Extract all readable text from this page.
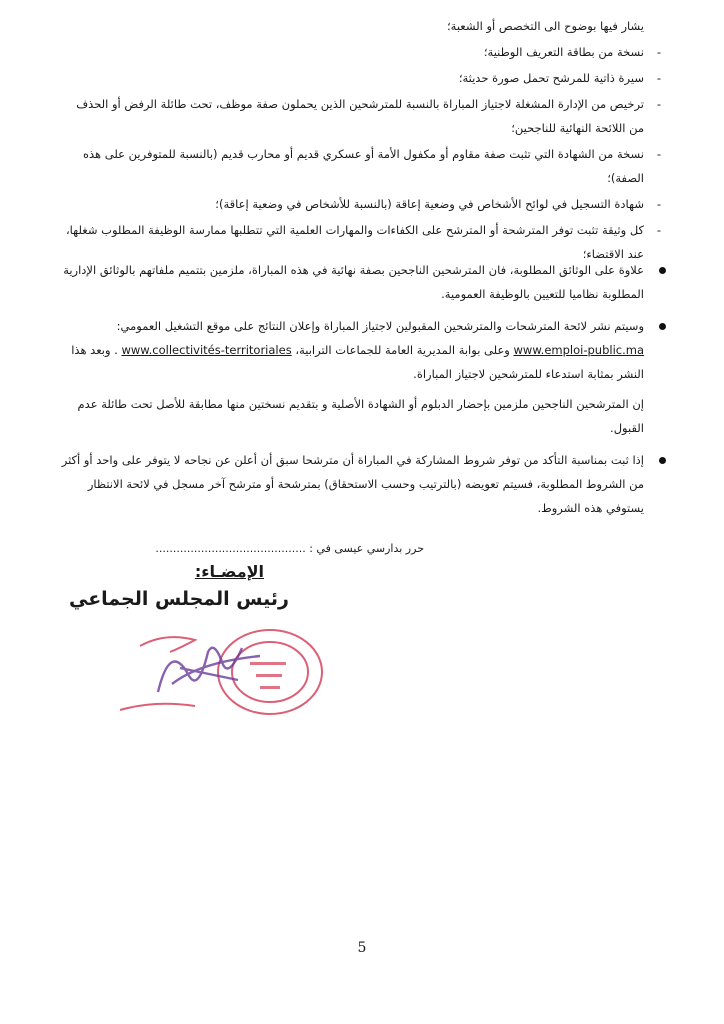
يشار فيها بوضوح الى التخصص أو الشعبة؛
-
نسخة من بطاقة التعريف الوطنية؛
-
سيرة ذاتية للمرشح تحمل صورة حديثة؛
-
ترخيص من الإدارة المشغلة لاجتياز المباراة بالنسبة للمترشحين الذين يحملون صفة موظف، تحت طائلة الرفض أو الحذف من اللائحة النهائية للناجحين؛
-
نسخة من الشهادة التي تثبت صفة مقاوم أو مكفول الأمة أو عسكري قديم أو محارب قديم (بالنسبة للمتوفرين على هذه الصفة)؛
-
شهادة التسجيل في لوائح الأشخاص في وضعية إعاقة (بالنسبة للأشخاص في وضعية إعاقة)؛
-
كل وثيقة تثبت توفر المترشحة أو المترشح على الكفاءات والمهارات العلمية التي تتطلبها ممارسة الوظيفة المطلوب شغلها، عند الاقتضاء؛

علاوة على الوثائق المطلوبة، فان المترشحين الناجحين بصفة نهائية في هذه المباراة، ملزمين بتتميم ملفاتهم بالوثائق الإدارية المطلوبة نظاميا للتعيين بالوظيفة العمومية.

وسيتم نشر لائحة المترشحات والمترشحين المقبولين لاجتياز المباراة وإعلان النتائج على موقع التشغيل العمومي: www.emploi-public.ma وعلى بوابة المديرية العامة للجماعات الترابية، www.collectivités-territoriales . وبعد هذا النشر بمثابة استدعاء للمترشحين لاجتياز المباراة.

إن المترشحين الناجحين ملزمين بإحضار الدبلوم أو الشهادة الأصلية و بتقديم نسختين منها مطابقة للأصل تحت طائلة عدم القبول.

إذا ثبت بمناسبة التأكد من توفر شروط المشاركة في المباراة أن مترشحا سبق أن أعلن عن نجاحه لا يتوفر على واحد أو أكثر من الشروط المطلوبة، فسيتم تعويضه (بالترتيب وحسب الاستحقاق) بمترشحة أو مترشح آخر مسجل في لائحة الانتظار يستوفي هذه الشروط.

حرر بدارسي عيسى في : ...........................................
الإمضـاء:
رئيس المجلس الجماعي
5
